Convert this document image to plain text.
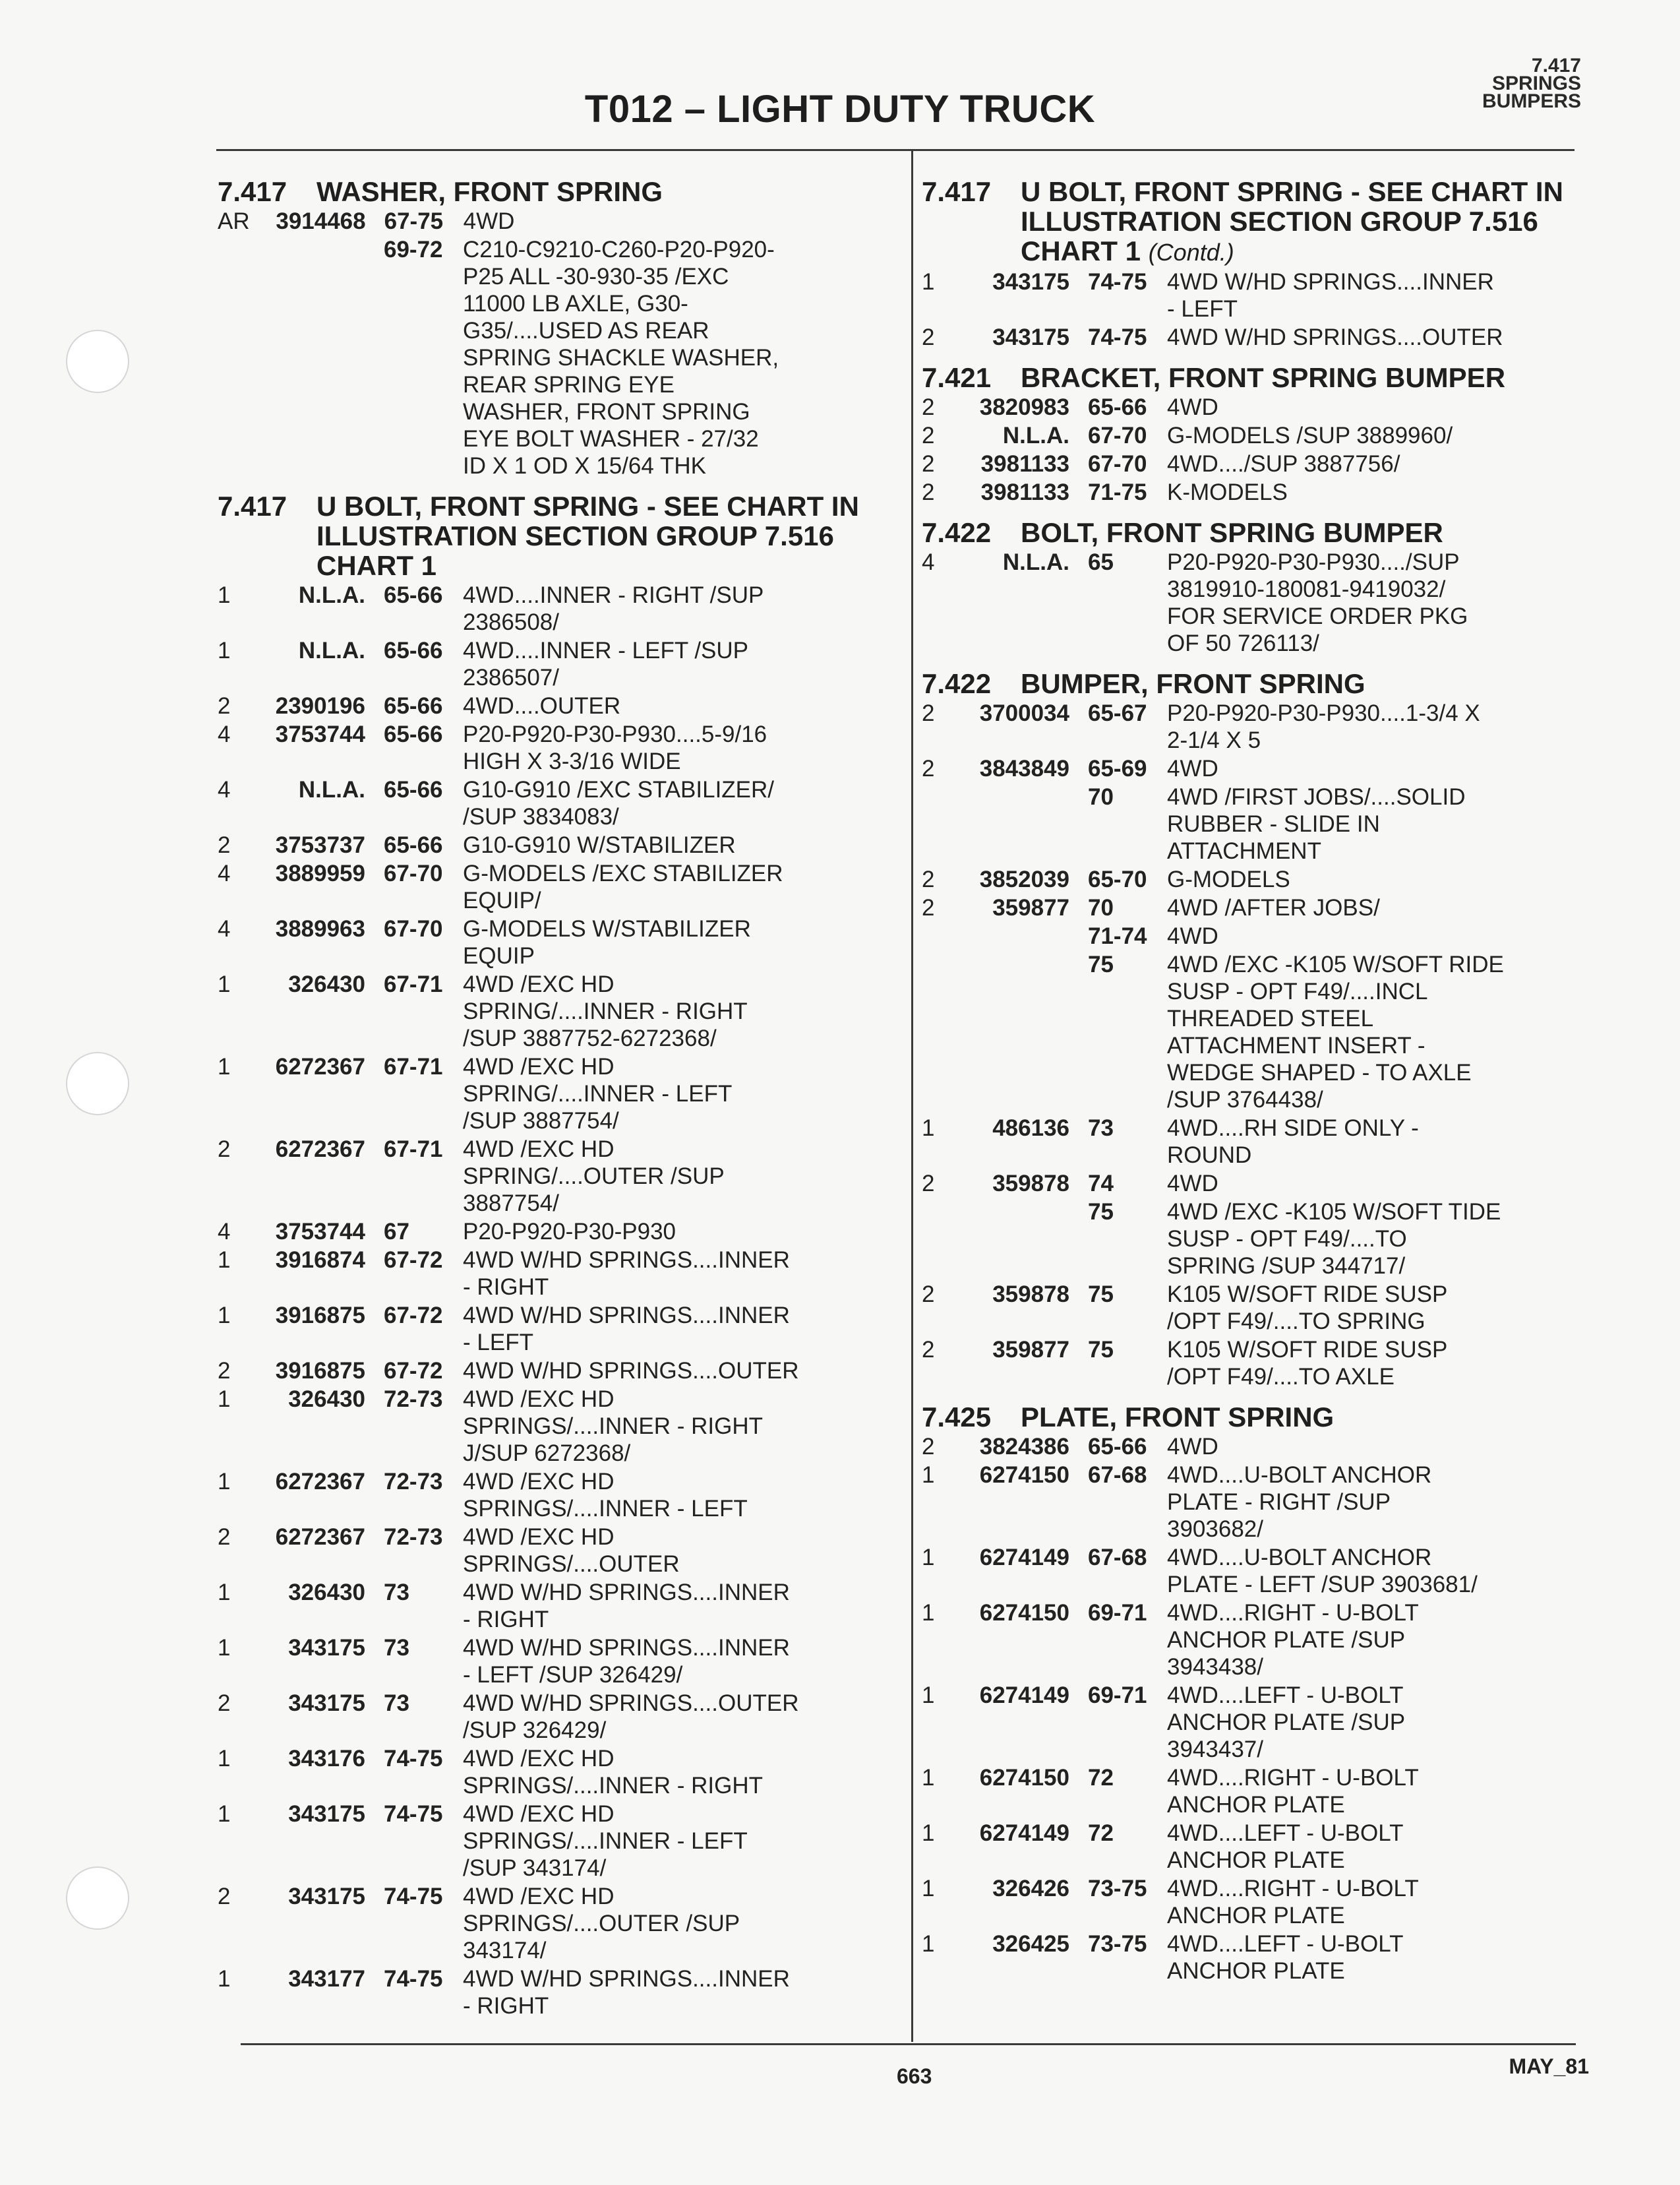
7.417
SPRINGS
BUMPERS
T012 – LIGHT DUTY TRUCK
7.417	WASHER, FRONT SPRING
AR	3914468 67-75 4WD
69-72 C210-C9210-C260-P20-P920-
P25 ALL -30-930-35 /EXC
11000 LB AXLE, G30-
G35/....USED AS REAR
SPRING SHACKLE WASHER,
REAR SPRING EYE
WASHER, FRONT SPRING
EYE BOLT WASHER - 27/32
ID X 1 OD X 15/64 THK
7.417	U BOLT, FRONT SPRING - SEE CHART IN ILLUSTRATION SECTION GROUP 7.516 CHART 1
1	N.L.A. 65-66 4WD....INNER - RIGHT /SUP
2386508/
1	N.L.A. 65-66 4WD....INNER - LEFT /SUP
2386507/
2	2390196 65-66 4WD....OUTER
4	3753744 65-66 P20-P920-P30-P930....5-9/16
HIGH X 3-3/16 WIDE
4	N.L.A. 65-66 G10-G910 /EXC STABILIZER/
/SUP 3834083/
2	3753737 65-66 G10-G910 W/STABILIZER
4	3889959 67-70 G-MODELS /EXC STABILIZER
EQUIP/
4	3889963 67-70 G-MODELS W/STABILIZER
EQUIP
1	326430 67-71 4WD /EXC HD
SPRING/....INNER - RIGHT
/SUP 3887752-6272368/
1	6272367 67-71 4WD /EXC HD
SPRING/....INNER - LEFT
/SUP 3887754/
2	6272367 67-71 4WD /EXC HD
SPRING/....OUTER /SUP
3887754/
4	3753744 67	P20-P920-P30-P930
1	3916874 67-72 4WD W/HD SPRINGS....INNER
- RIGHT
1	3916875 67-72 4WD W/HD SPRINGS....INNER
- LEFT
2	3916875 67-72 4WD W/HD SPRINGS....OUTER
1	326430 72-73 4WD /EXC HD
SPRINGS/....INNER - RIGHT
J/SUP 6272368/
1	6272367 72-73 4WD /EXC HD
SPRINGS/....INNER - LEFT
2	6272367 72-73 4WD /EXC HD
SPRINGS/....OUTER
1	326430 73	4WD W/HD SPRINGS....INNER
- RIGHT
1	343175 73	4WD W/HD SPRINGS....INNER
- LEFT /SUP 326429/
2	343175 73	4WD W/HD SPRINGS....OUTER
/SUP 326429/
1	343176 74-75 4WD /EXC HD
SPRINGS/....INNER - RIGHT
1	343175 74-75 4WD /EXC HD
SPRINGS/....INNER - LEFT
/SUP 343174/
2	343175 74-75 4WD /EXC HD
SPRINGS/....OUTER /SUP
343174/
1	343177 74-75 4WD W/HD SPRINGS....INNER
- RIGHT
7.417	U BOLT, FRONT SPRING - SEE CHART IN ILLUSTRATION SECTION GROUP 7.516 CHART 1 (Contd.)
1	343175 74-75 4WD W/HD SPRINGS....INNER
- LEFT
2	343175 74-75 4WD W/HD SPRINGS....OUTER
7.421	BRACKET, FRONT SPRING BUMPER
2	3820983 65-66 4WD
2	N.L.A. 67-70 G-MODELS /SUP 3889960/
2	3981133 67-70 4WD..../SUP 3887756/
2	3981133 71-75 K-MODELS
7.422	BOLT, FRONT SPRING BUMPER
4	N.L.A. 65	P20-P920-P30-P930..../SUP
3819910-180081-9419032/
FOR SERVICE ORDER PKG
OF 50 726113/
7.422	BUMPER, FRONT SPRING
2	3700034 65-67 P20-P920-P30-P930....1-3/4 X
2-1/4 X 5
2	3843849 65-69 4WD
70	4WD /FIRST JOBS/....SOLID
RUBBER - SLIDE IN
ATTACHMENT
2	3852039 65-70 G-MODELS
2	359877 70	4WD /AFTER JOBS/
71-74 4WD
75	4WD /EXC -K105 W/SOFT RIDE
SUSP - OPT F49/....INCL
THREADED STEEL
ATTACHMENT INSERT -
WEDGE SHAPED - TO AXLE
/SUP 3764438/
1	486136 73	4WD....RH SIDE ONLY -
ROUND
2	359878 74	4WD
75	4WD /EXC -K105 W/SOFT TIDE
SUSP - OPT F49/....TO
SPRING /SUP 344717/
2	359878 75	K105 W/SOFT RIDE SUSP
/OPT F49/....TO SPRING
2	359877 75	K105 W/SOFT RIDE SUSP
/OPT F49/....TO AXLE
7.425	PLATE, FRONT SPRING
2	3824386 65-66 4WD
1	6274150 67-68 4WD....U-BOLT ANCHOR
PLATE - RIGHT /SUP
3903682/
1	6274149 67-68 4WD....U-BOLT ANCHOR
PLATE - LEFT /SUP 3903681/
1	6274150 69-71 4WD....RIGHT - U-BOLT
ANCHOR PLATE /SUP
3943438/
1	6274149 69-71 4WD....LEFT - U-BOLT
ANCHOR PLATE /SUP
3943437/
1	6274150 72	4WD....RIGHT - U-BOLT
ANCHOR PLATE
1	6274149 72	4WD....LEFT - U-BOLT
ANCHOR PLATE
1	326426 73-75 4WD....RIGHT - U-BOLT
ANCHOR PLATE
1	326425 73-75 4WD....LEFT - U-BOLT
ANCHOR PLATE
663	MAY_81
